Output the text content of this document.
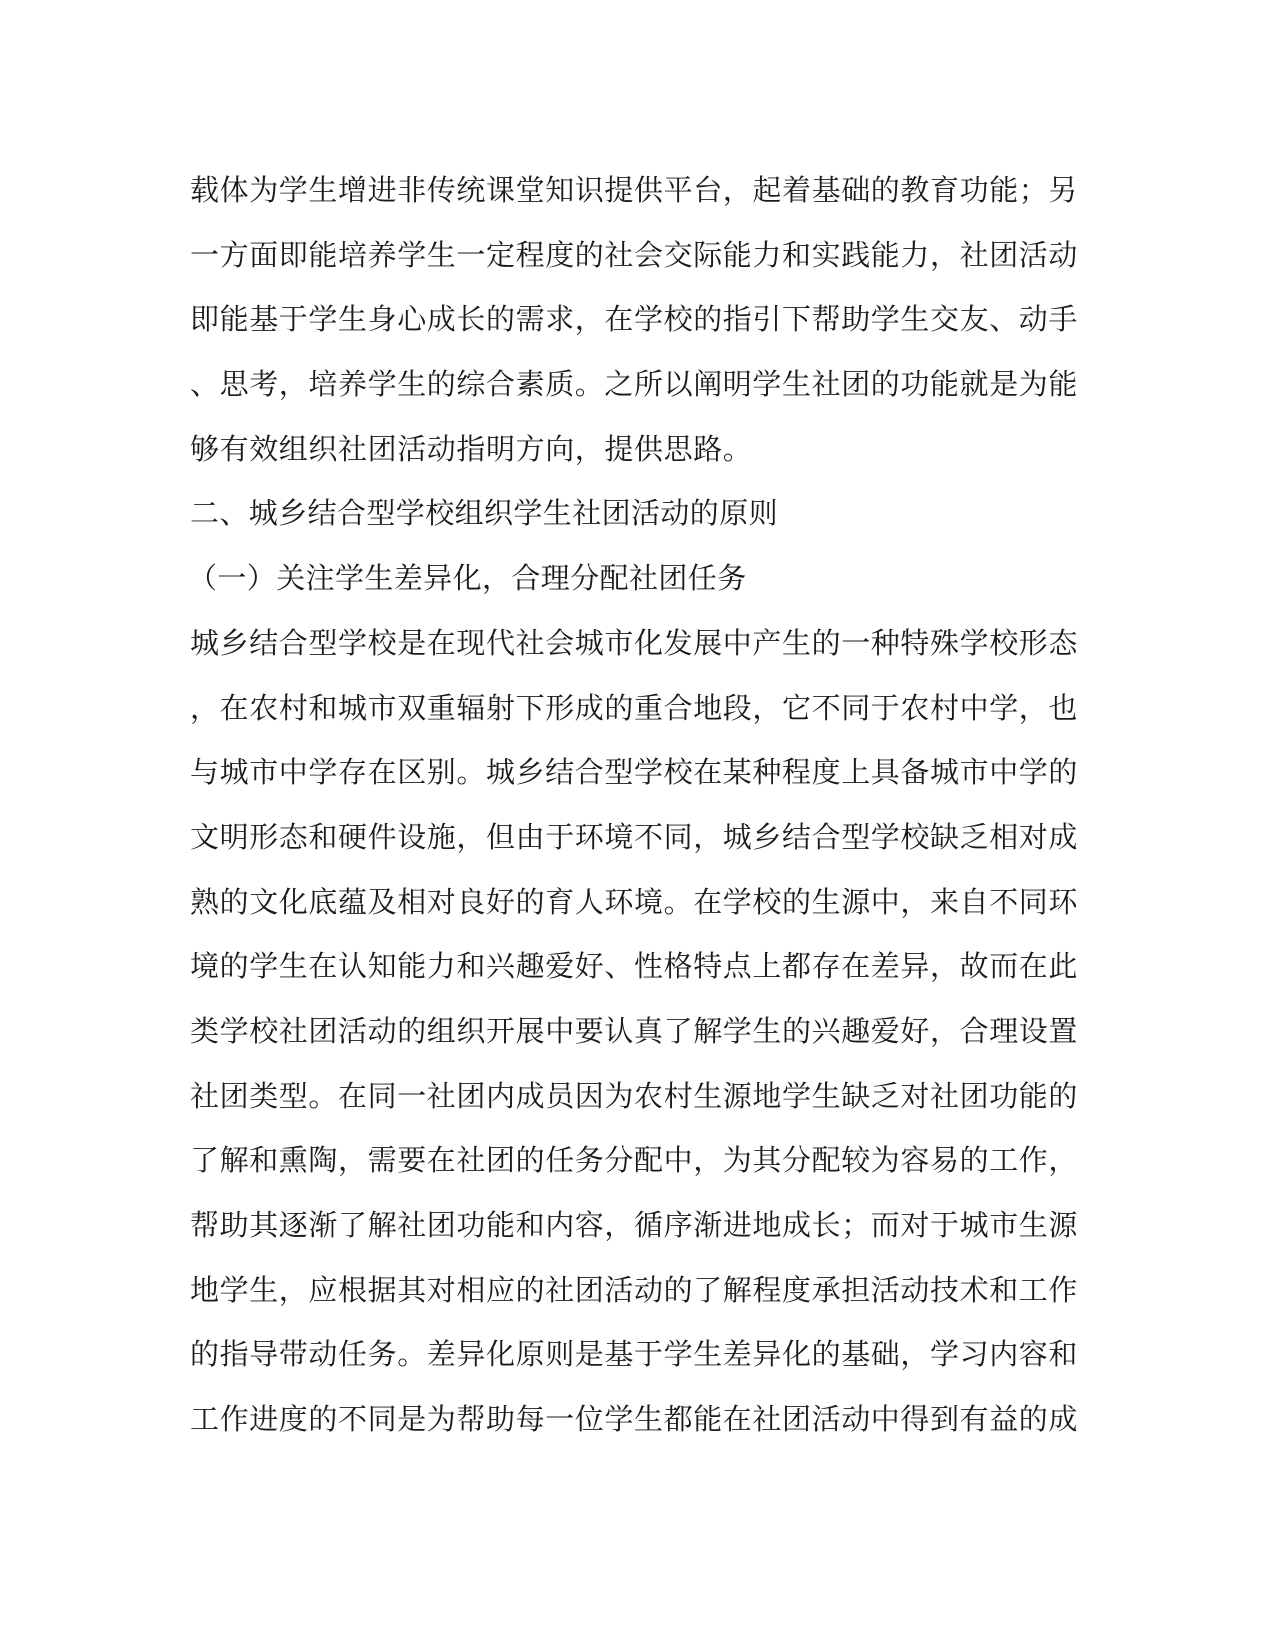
载体为学生增进非传统课堂知识提供平台，起着基础的教育功能；另
一方面即能培养学生一定程度的社会交际能力和实践能力，社团活动
即能基于学生身心成长的需求，在学校的指引下帮助学生交友、动手
、思考，培养学生的综合素质。之所以阐明学生社团的功能就是为能
够有效组织社团活动指明方向，提供思路。
二、城乡结合型学校组织学生社团活动的原则
（一）关注学生差异化，合理分配社团任务
城乡结合型学校是在现代社会城市化发展中产生的一种特殊学校形态
，在农村和城市双重辐射下形成的重合地段，它不同于农村中学，也
与城市中学存在区别。城乡结合型学校在某种程度上具备城市中学的
文明形态和硬件设施，但由于环境不同，城乡结合型学校缺乏相对成
熟的文化底蕴及相对良好的育人环境。在学校的生源中，来自不同环
境的学生在认知能力和兴趣爱好、性格特点上都存在差异，故而在此
类学校社团活动的组织开展中要认真了解学生的兴趣爱好，合理设置
社团类型。在同一社团内成员因为农村生源地学生缺乏对社团功能的
了解和熏陶，需要在社团的任务分配中，为其分配较为容易的工作，
帮助其逐渐了解社团功能和内容，循序渐进地成长；而对于城市生源
地学生，应根据其对相应的社团活动的了解程度承担活动技术和工作
的指导带动任务。差异化原则是基于学生差异化的基础，学习内容和
工作进度的不同是为帮助每一位学生都能在社团活动中得到有益的成
